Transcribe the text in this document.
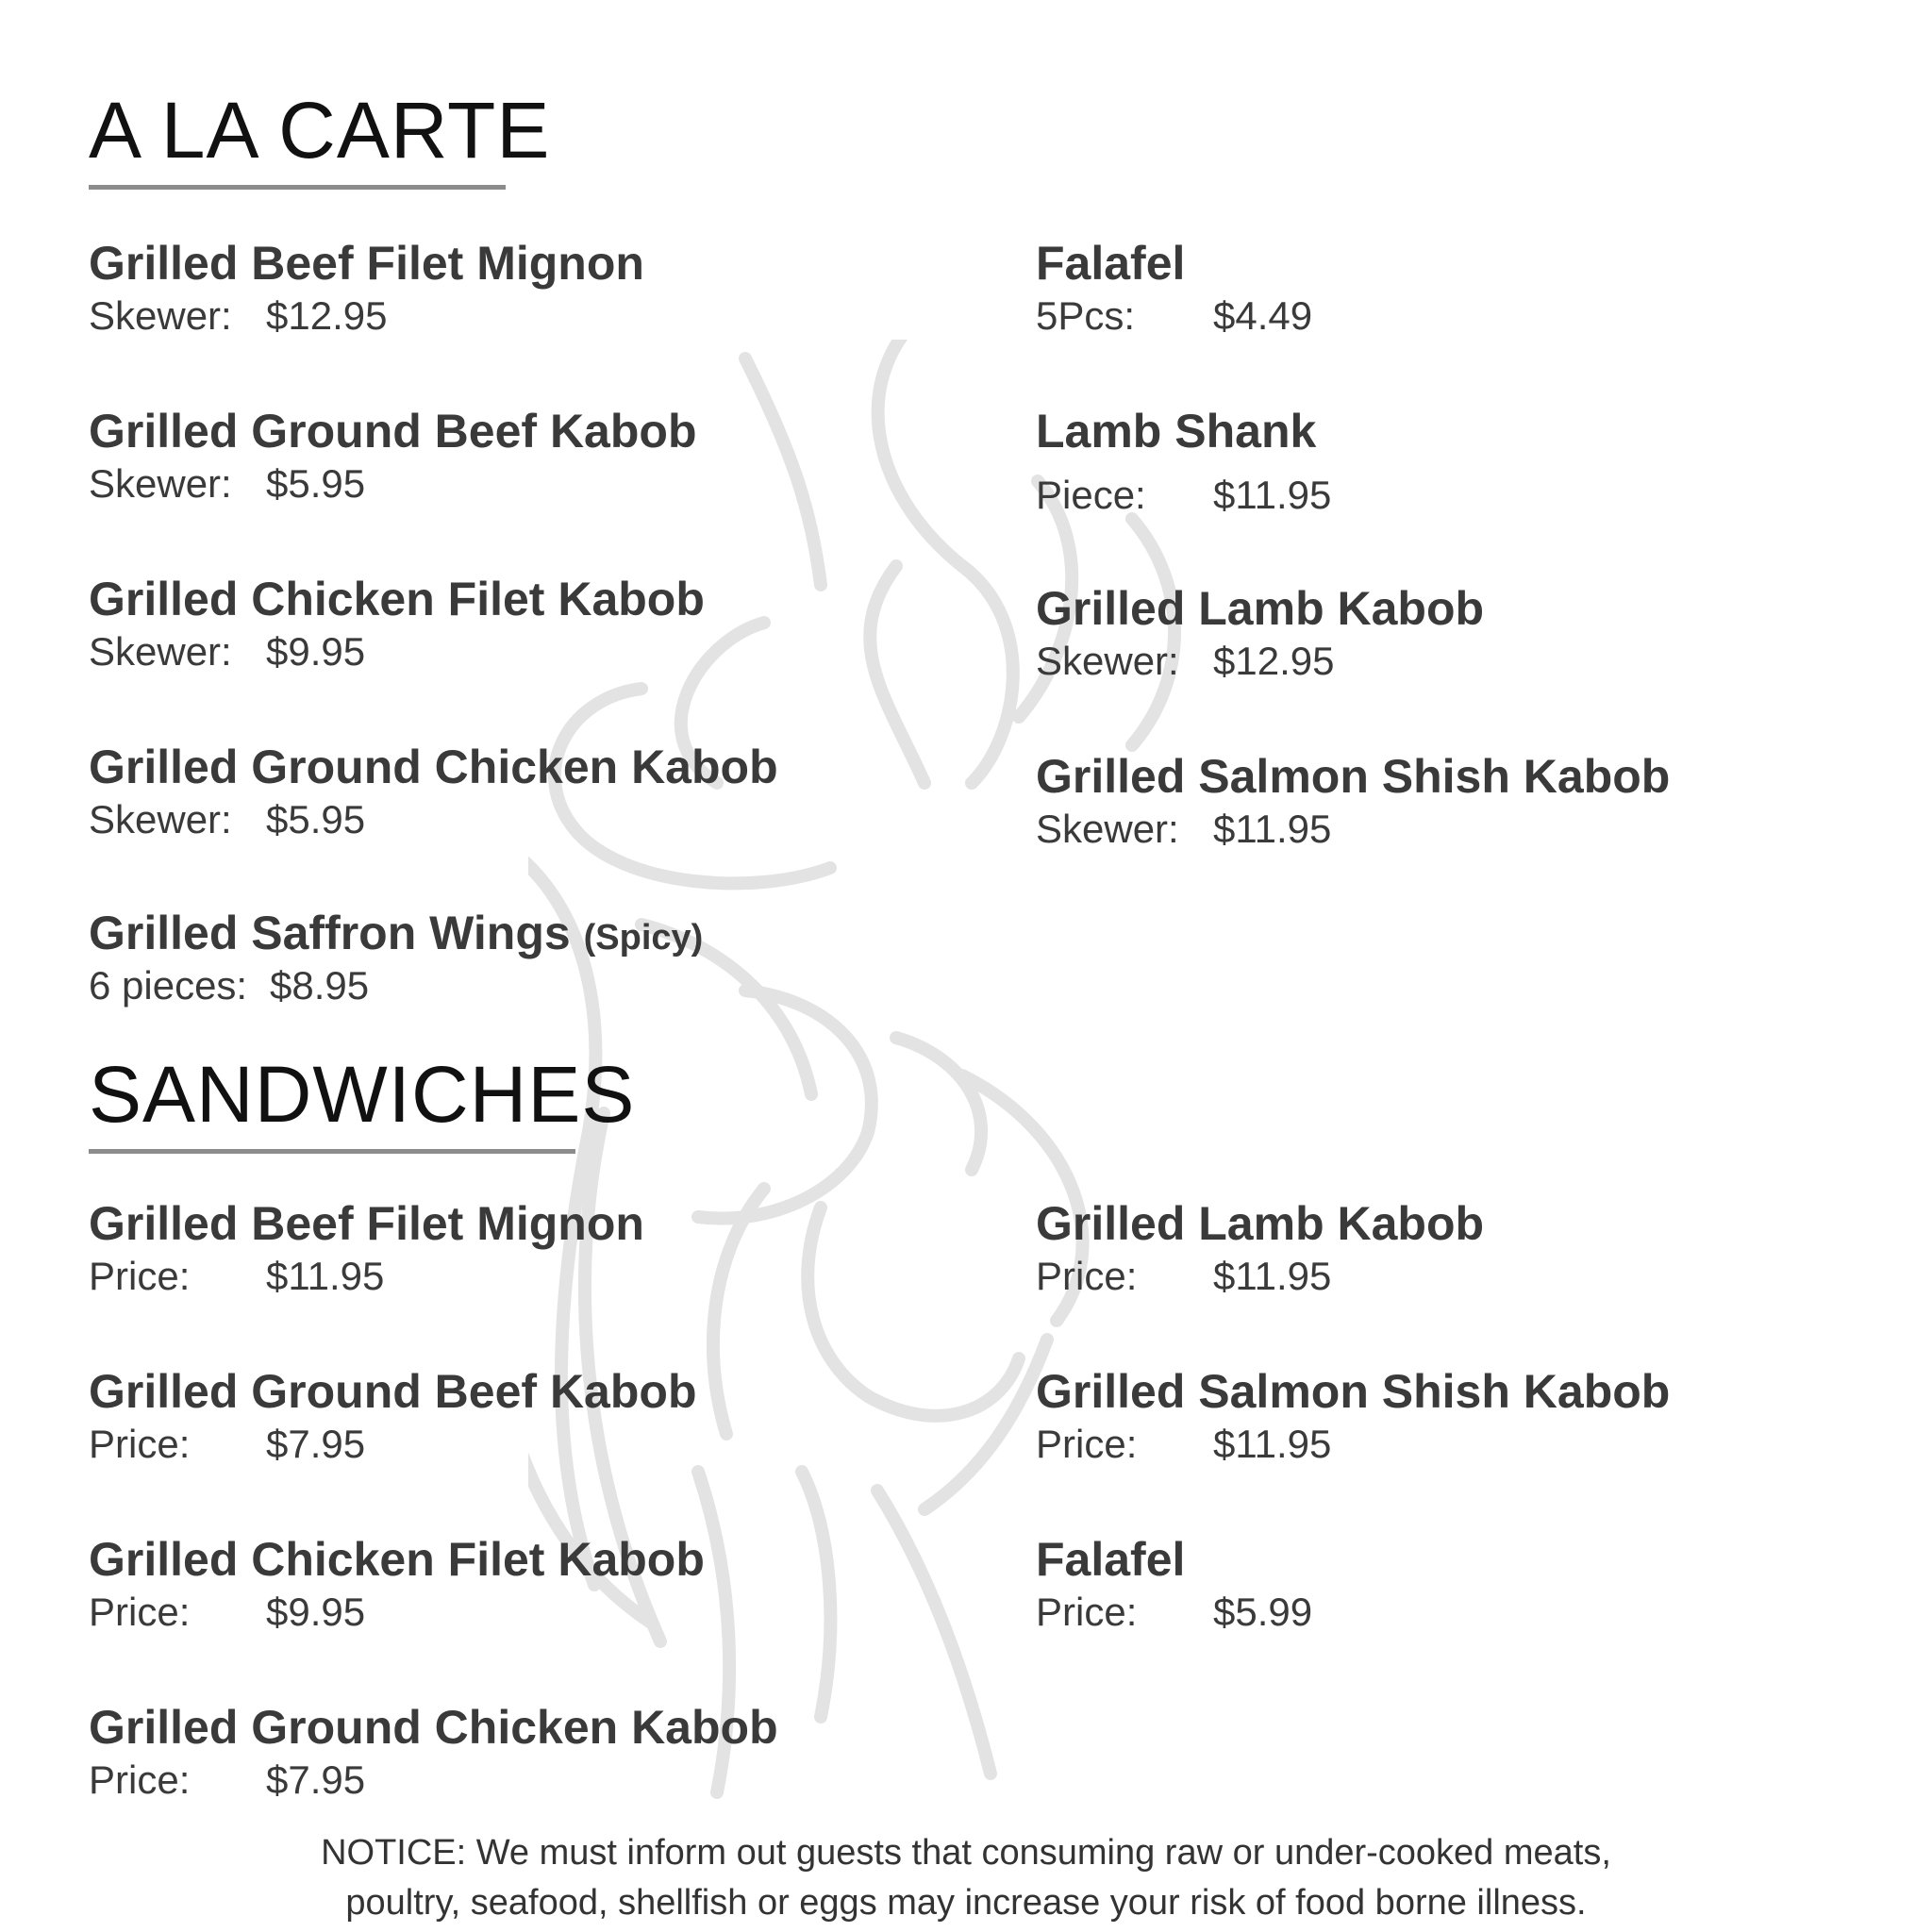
A LA CARTE
Grilled Beef Filet Mignon
Skewer: $12.95
Grilled Ground Beef Kabob
Skewer: $5.95
Grilled Chicken Filet Kabob
Skewer: $9.95
Grilled Ground Chicken Kabob
Skewer: $5.95
Grilled Saffron Wings (Spicy)
6 pieces: $8.95
Falafel
5Pcs: $4.49
Lamb Shank
Piece: $11.95
Grilled Lamb Kabob
Skewer: $12.95
Grilled Salmon Shish Kabob
Skewer: $11.95
SANDWICHES
Grilled Beef Filet Mignon
Price: $11.95
Grilled Ground Beef Kabob
Price: $7.95
Grilled Chicken Filet Kabob
Price: $9.95
Grilled Ground Chicken Kabob
Price: $7.95
Grilled Lamb Kabob
Price: $11.95
Grilled Salmon Shish Kabob
Price: $11.95
Falafel
Price: $5.99
NOTICE: We must inform out guests that consuming raw or under-cooked meats,
poultry, seafood, shellfish or eggs may increase your risk of food borne illness.
